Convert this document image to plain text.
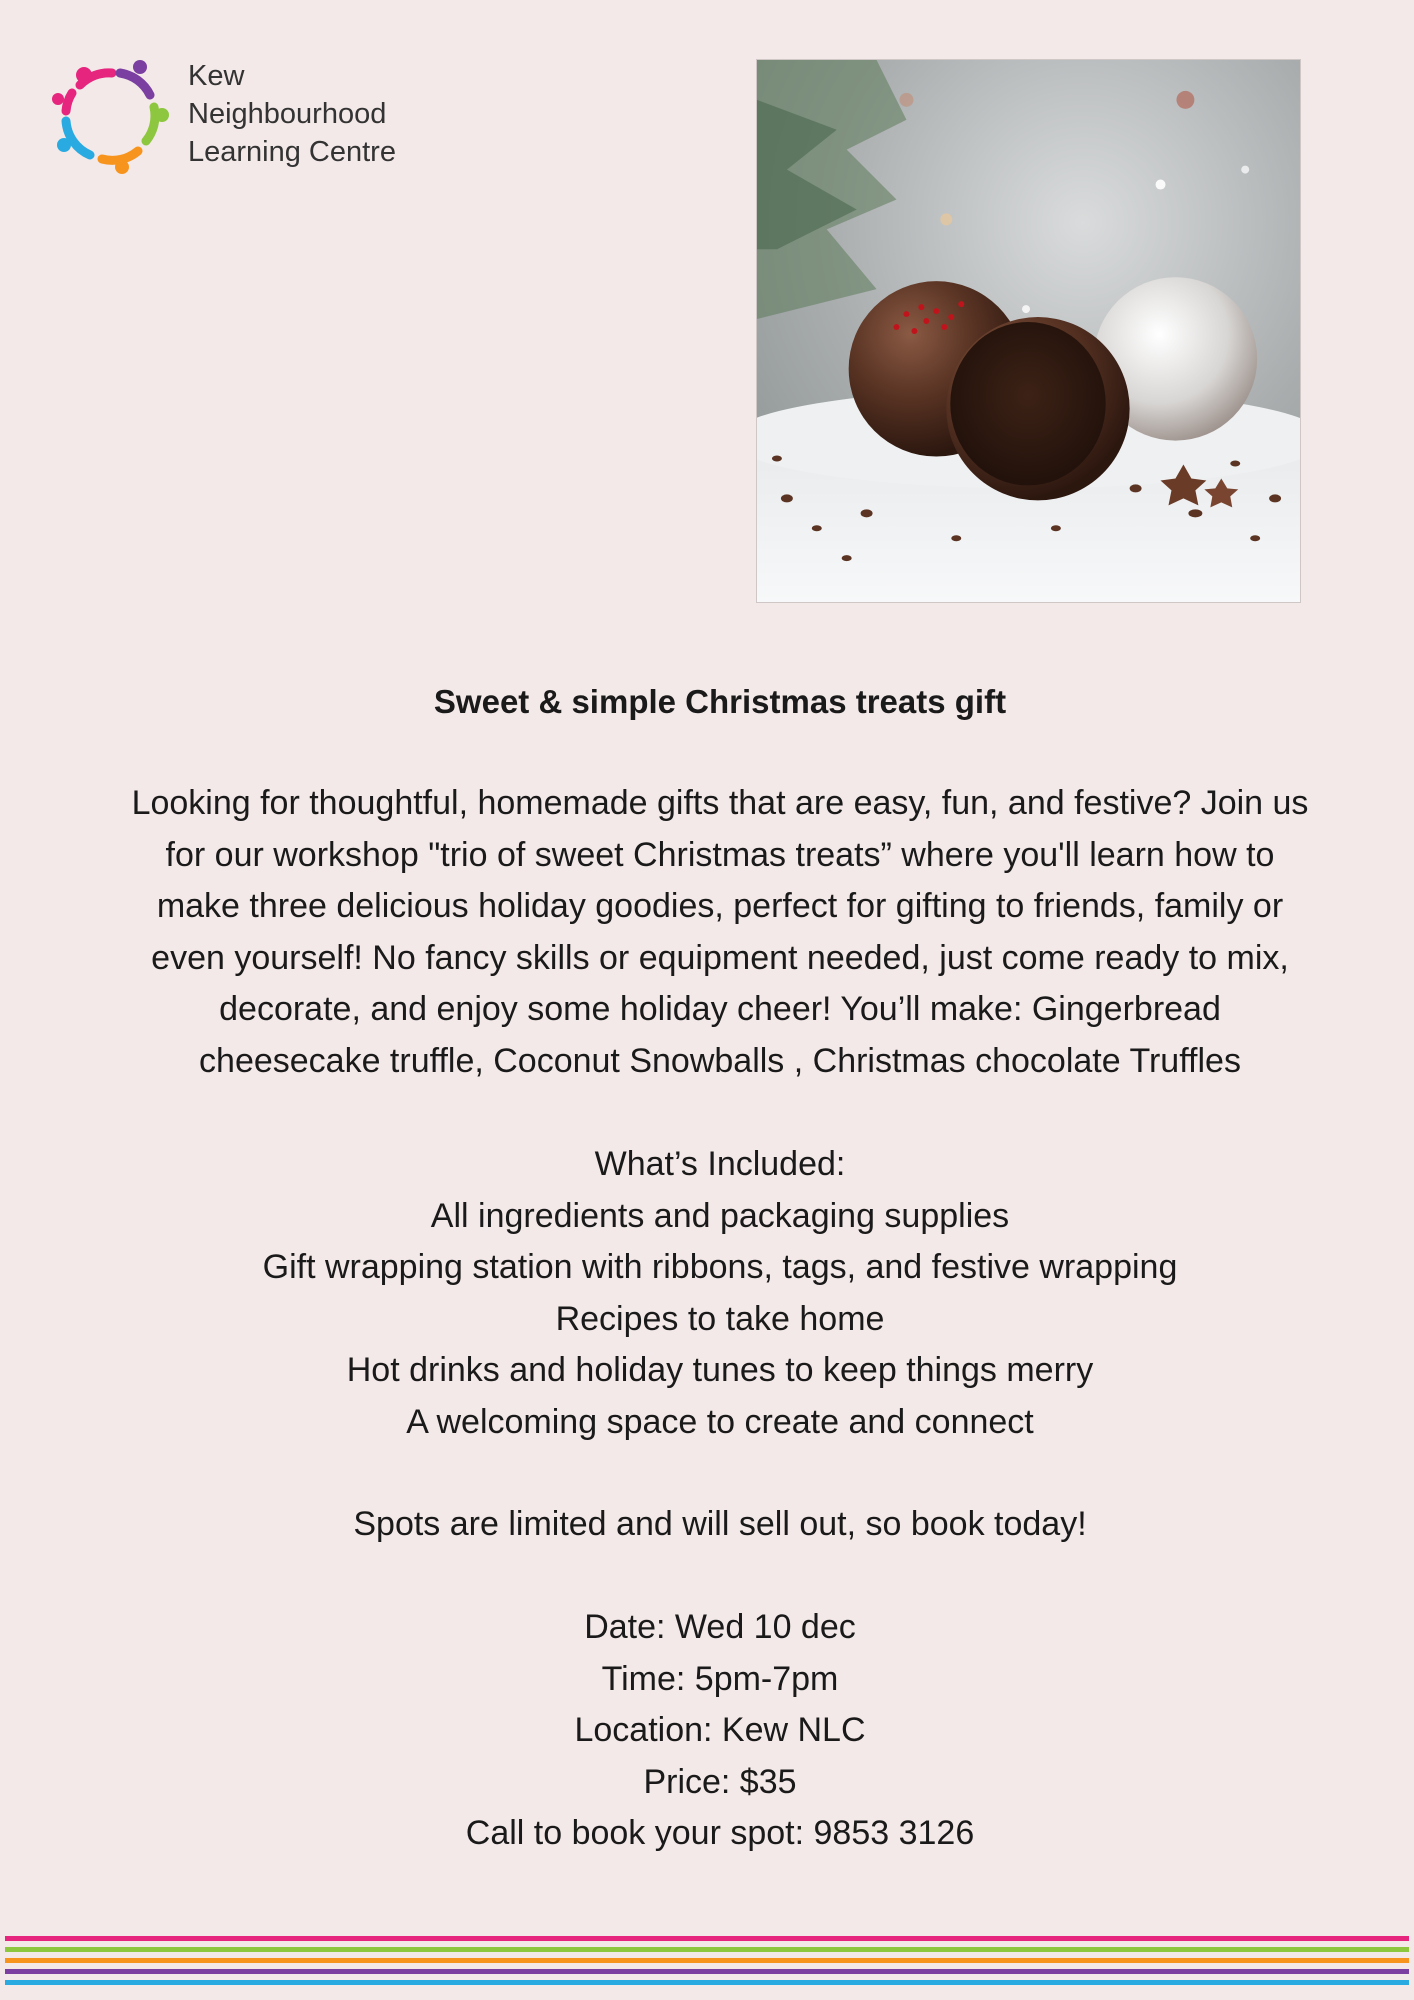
Kew
Neighbourhood
Learning Centre
Sweet & simple Christmas treats gift
Looking for thoughtful, homemade gifts that are easy, fun, and festive? Join us
for our workshop "trio of sweet Christmas treats” where you'll learn how to
make three delicious holiday goodies, perfect for gifting to friends, family or
even yourself! No fancy skills or equipment needed, just come ready to mix,
decorate, and enjoy some holiday cheer! You’ll make: Gingerbread
cheesecake truffle, Coconut Snowballs , Christmas chocolate Truffles
What’s Included:
All ingredients and packaging supplies
Gift wrapping station with ribbons, tags, and festive wrapping
Recipes to take home
Hot drinks and holiday tunes to keep things merry
A welcoming space to create and connect
Spots are limited and will sell out, so book today!
Date: Wed 10 dec
Time: 5pm-7pm
Location: Kew NLC
Price: $35
Call to book your spot: 9853 3126
